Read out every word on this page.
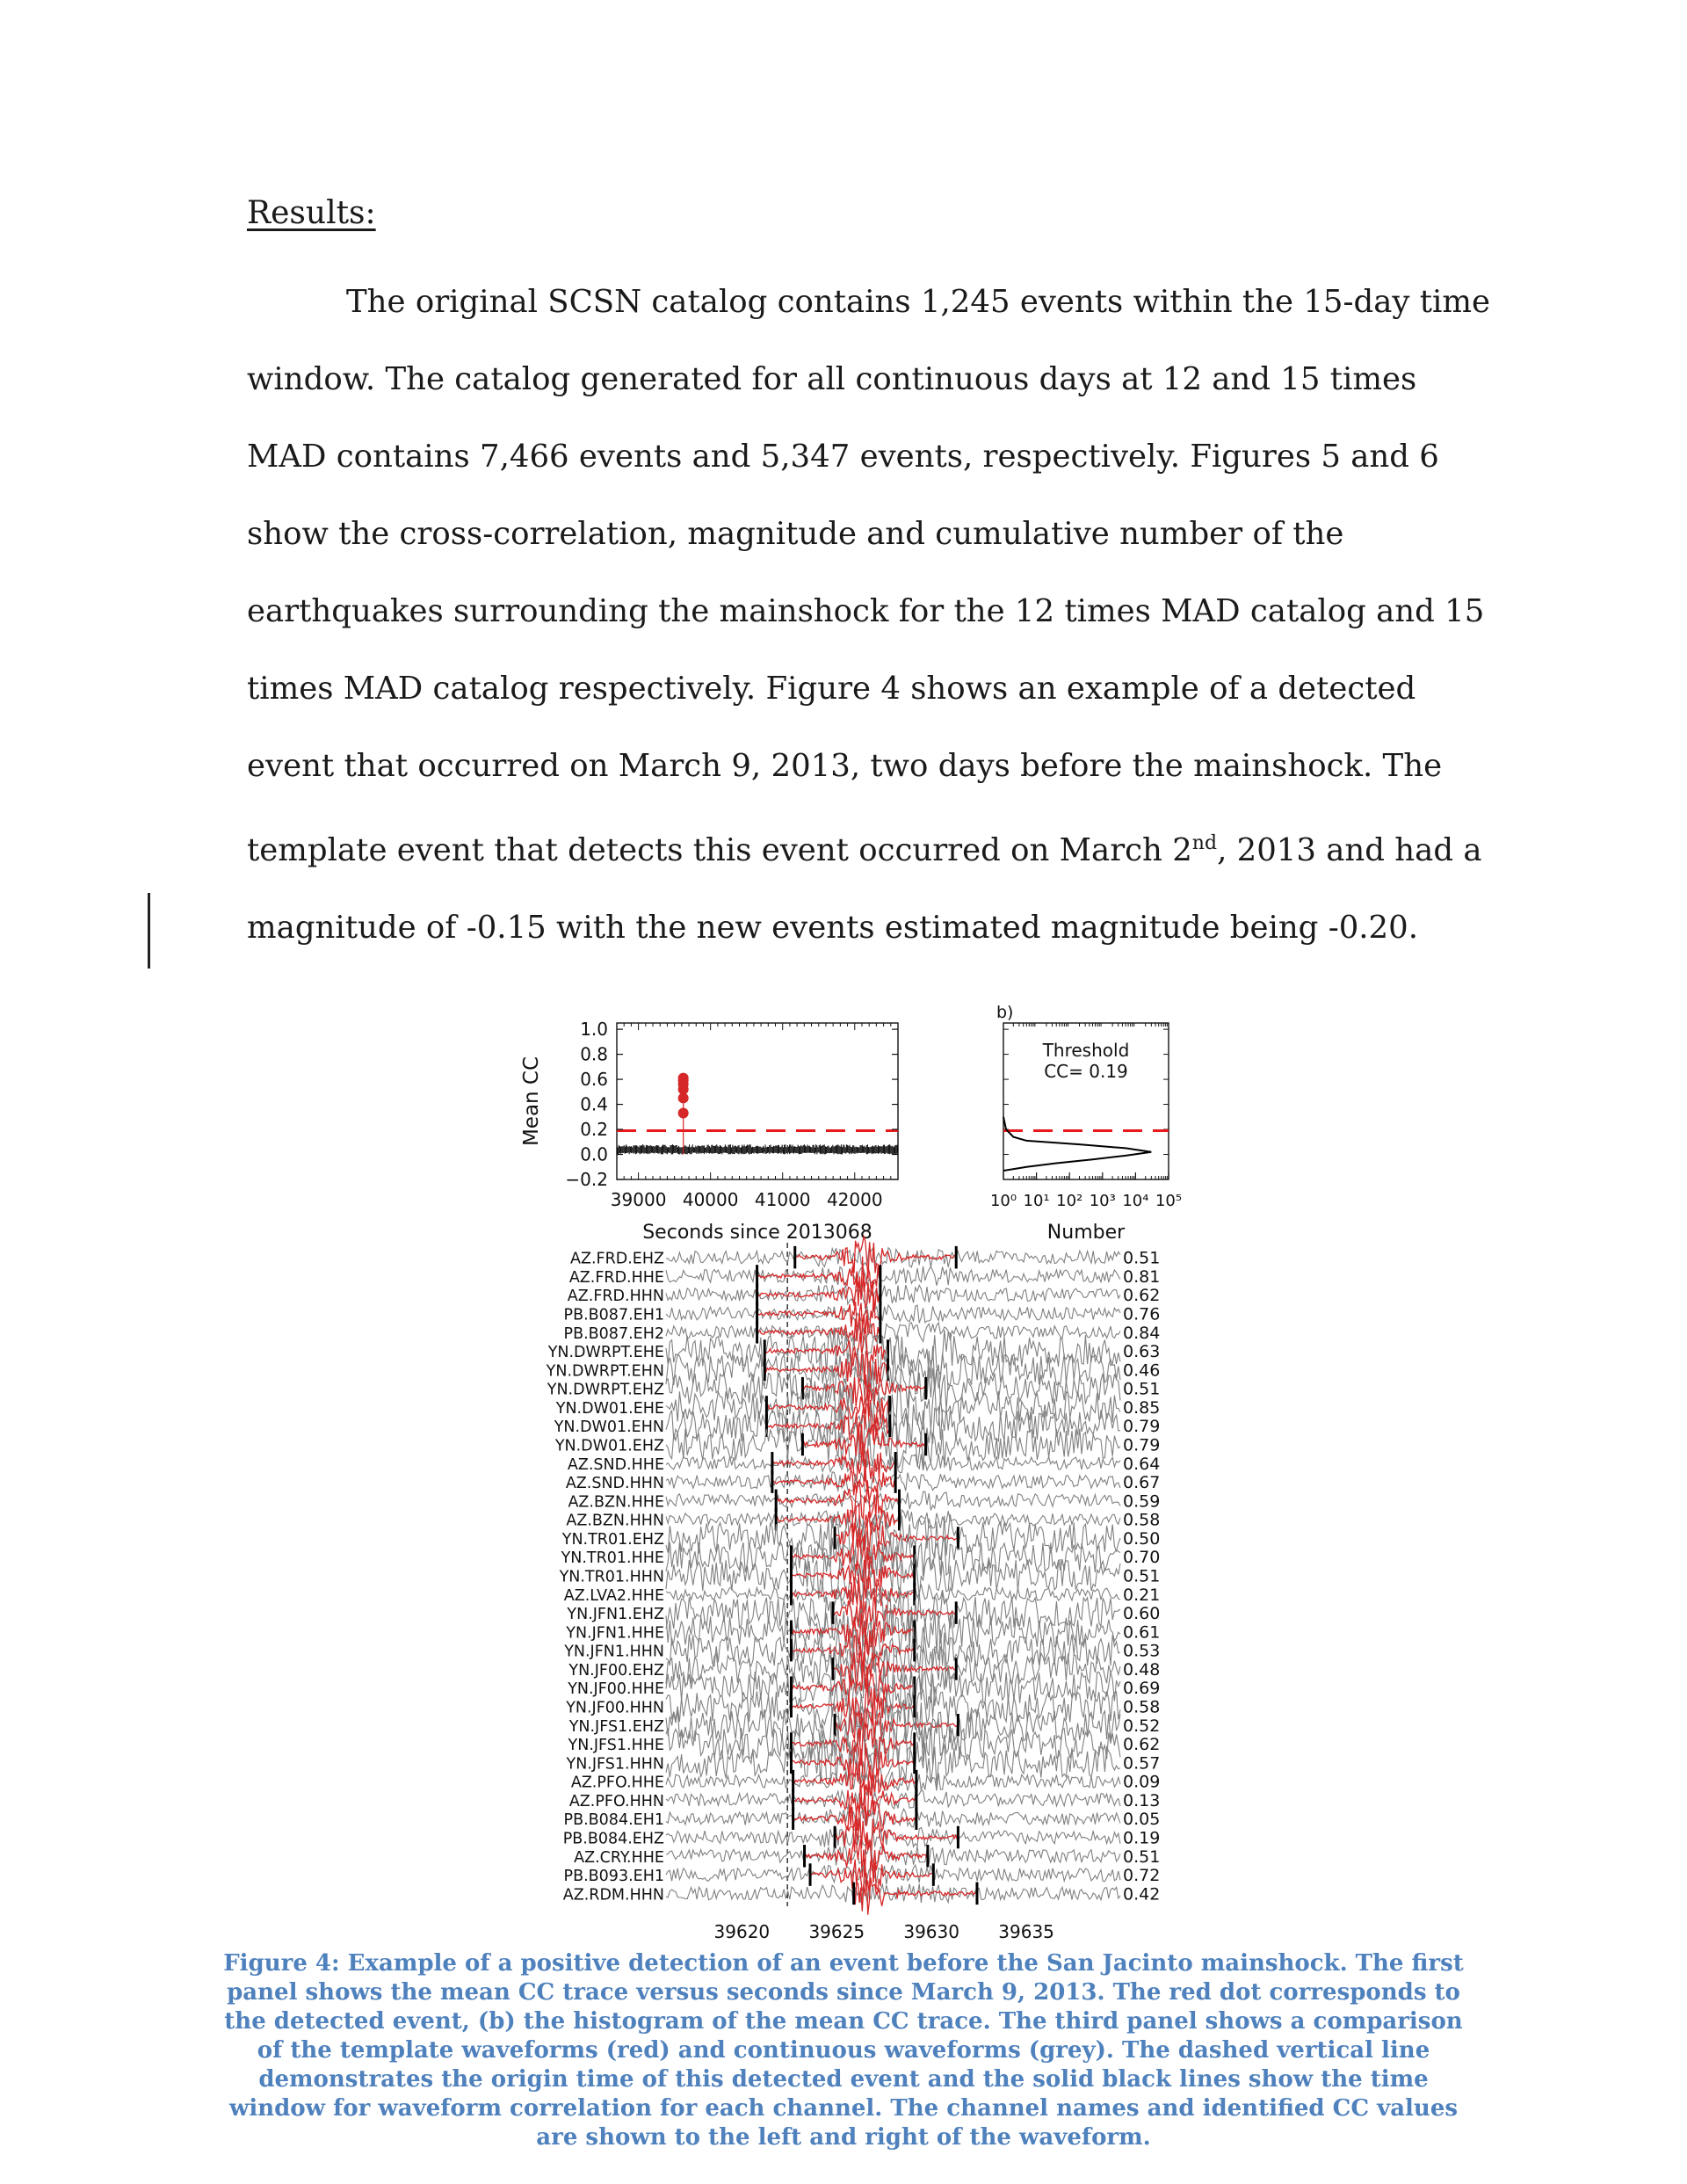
Results:

The original SCSN catalog contains 1,245 events within the 15-day time window. The catalog generated for all continuous days at 12 and 15 times MAD contains 7,466 events and 5,347 events, respectively. Figures 5 and 6 show the cross-correlation, magnitude and cumulative number of the earthquakes surrounding the mainshock for the 12 times MAD catalog and 15 times MAD catalog respectively. Figure 4 shows an example of a detected event that occurred on March 9, 2013, two days before the mainshock. The template event that detects this event occurred on March 2nd, 2013 and had a magnitude of -0.15 with the new events estimated magnitude being -0.20.

1.0
0.8
0.6
0.4
0.2
0.0
−0.2
39000 40000 41000 42000
Mean CC
Seconds since 2013068
10⁰ 10¹ 10² 10³ 10⁴ 10⁵
Threshold
CC= 0.19
b)
Number
AZ.FRD.EHZ	0.51
AZ.FRD.HHE	0.81
AZ.FRD.HHN	0.62
PB.B087.EH1	0.76
PB.B087.EH2	0.84
YN.DWRPT.EHE	0.63
YN.DWRPT.EHN	0.46
YN.DWRPT.EHZ	0.51
YN.DW01.EHE	0.85
YN.DW01.EHN	0.79
YN.DW01.EHZ	0.79
AZ.SND.HHE	0.64
AZ.SND.HHN	0.67
AZ.BZN.HHE	0.59
AZ.BZN.HHN	0.58
YN.TR01.EHZ	0.50
YN.TR01.HHE	0.70
YN.TR01.HHN	0.51
AZ.LVA2.HHE	0.21
YN.JFN1.EHZ	0.60
YN.JFN1.HHE	0.61
YN.JFN1.HHN	0.53
YN.JF00.EHZ	0.48
YN.JF00.HHE	0.69
YN.JF00.HHN	0.58
YN.JFS1.EHZ	0.52
YN.JFS1.HHE	0.62
YN.JFS1.HHN	0.57
AZ.PFO.HHE	0.09
AZ.PFO.HHN	0.13
PB.B084.EH1	0.05
PB.B084.EHZ	0.19
AZ.CRY.HHE	0.51
PB.B093.EH1	0.72
AZ.RDM.HHN	0.42
39620 39625 39630 39635

Figure 4: Example of a positive detection of an event before the San Jacinto mainshock. The first panel shows the mean CC trace versus seconds since March 9, 2013. The red dot corresponds to the detected event, (b) the histogram of the mean CC trace. The third panel shows a comparison of the template waveforms (red) and continuous waveforms (grey). The dashed vertical line demonstrates the origin time of this detected event and the solid black lines show the time window for waveform correlation for each channel. The channel names and identified CC values are shown to the left and right of the waveform.
